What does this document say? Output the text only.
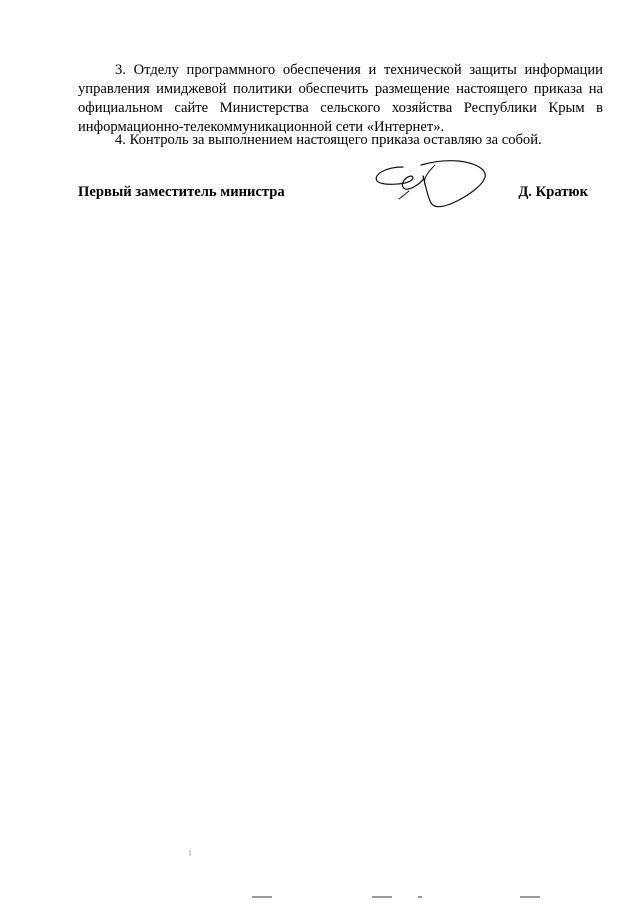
3. Отделу программного обеспечения и технической защиты информации управления имиджевой политики обеспечить размещение настоящего приказа на официальном сайте Министерства сельского хозяйства Республики Крым в информационно-телекоммуникационной сети «Интернет».

4. Контроль за выполнением настоящего приказа оставляю за собой.

Первый заместитель министра	Д. Кратюк
